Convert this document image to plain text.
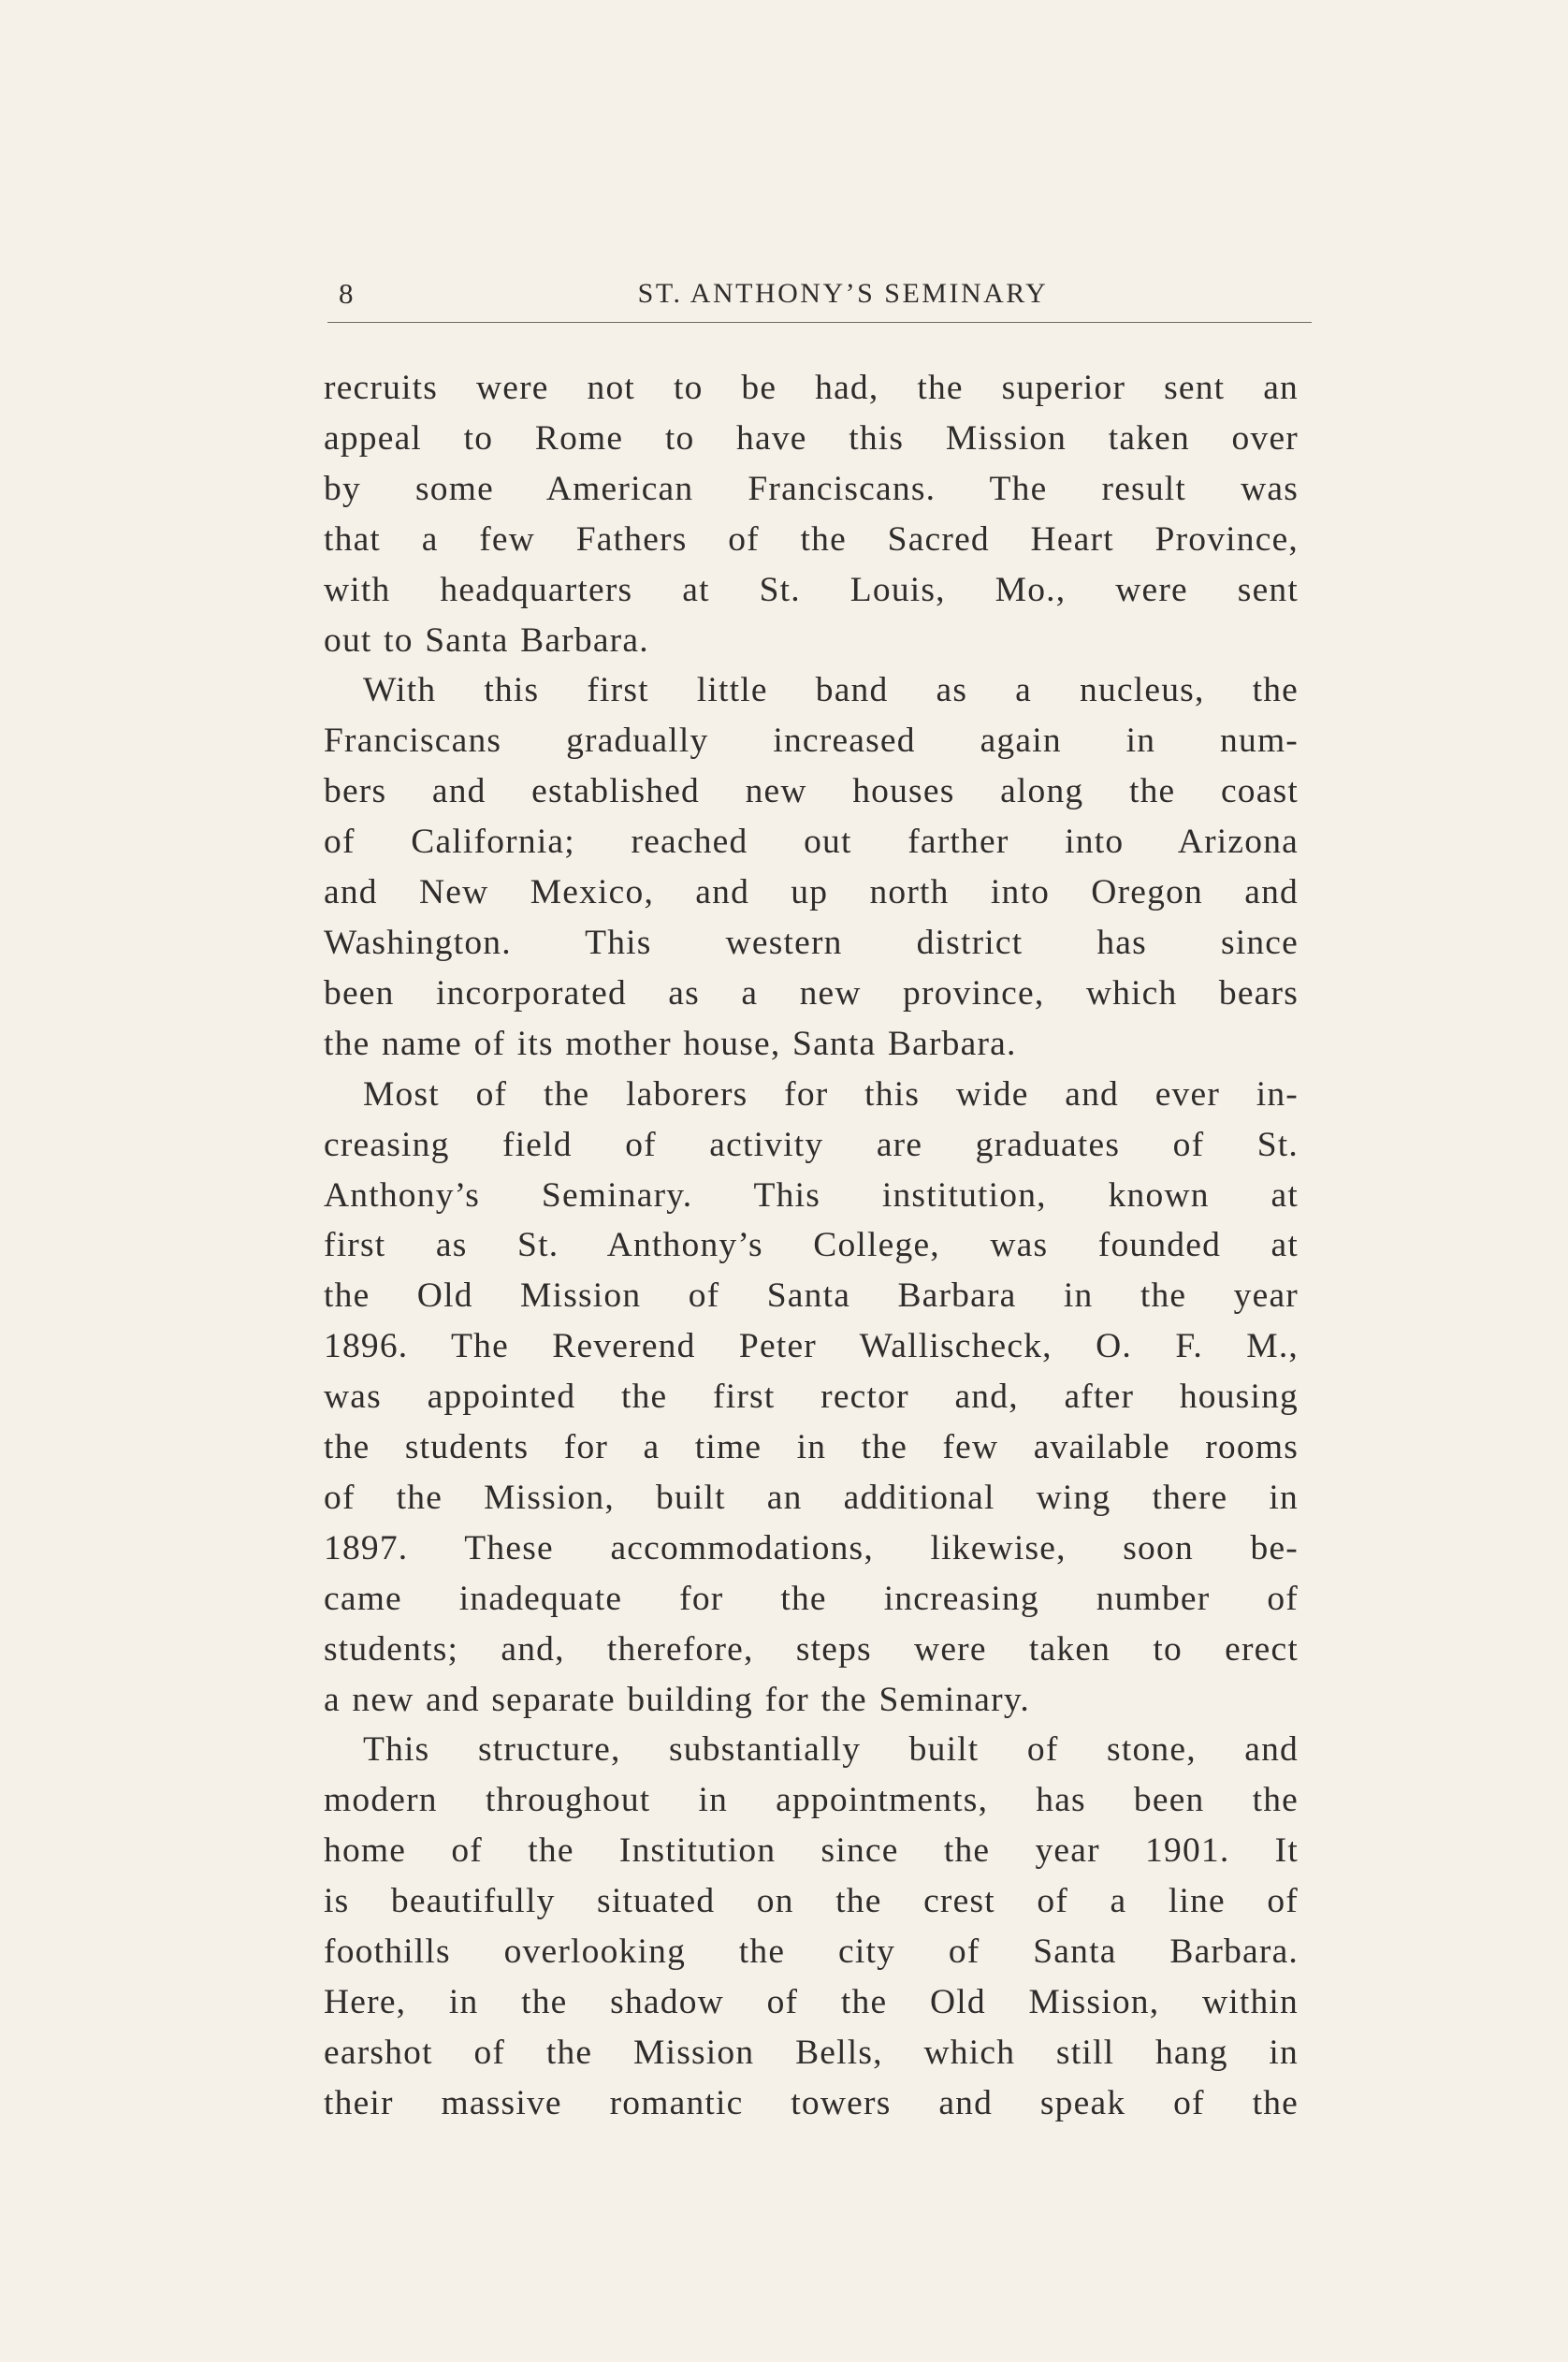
8	ST. ANTHONY’S SEMINARY
recruits were not to be had, the superior sent an
appeal to Rome to have this Mission taken over
by some American Franciscans. The result was
that a few Fathers of the Sacred Heart Province,
with headquarters at St. Louis, Mo., were sent
out to Santa Barbara.
With this first little band as a nucleus, the
Franciscans gradually increased again in num-
bers and established new houses along the coast
of California; reached out farther into Arizona
and New Mexico, and up north into Oregon and
Washington. This western district has since
been incorporated as a new province, which bears
the name of its mother house, Santa Barbara.
Most of the laborers for this wide and ever in-
creasing field of activity are graduates of St.
Anthony’s Seminary. This institution, known at
first as St. Anthony’s College, was founded at
the Old Mission of Santa Barbara in the year
1896. The Reverend Peter Wallischeck, O. F. M.,
was appointed the first rector and, after housing
the students for a time in the few available rooms
of the Mission, built an additional wing there in
1897. These accommodations, likewise, soon be-
came inadequate for the increasing number of
students; and, therefore, steps were taken to erect
a new and separate building for the Seminary.
This structure, substantially built of stone, and
modern throughout in appointments, has been the
home of the Institution since the year 1901. It
is beautifully situated on the crest of a line of
foothills overlooking the city of Santa Barbara.
Here, in the shadow of the Old Mission, within
earshot of the Mission Bells, which still hang in
their massive romantic towers and speak of the
